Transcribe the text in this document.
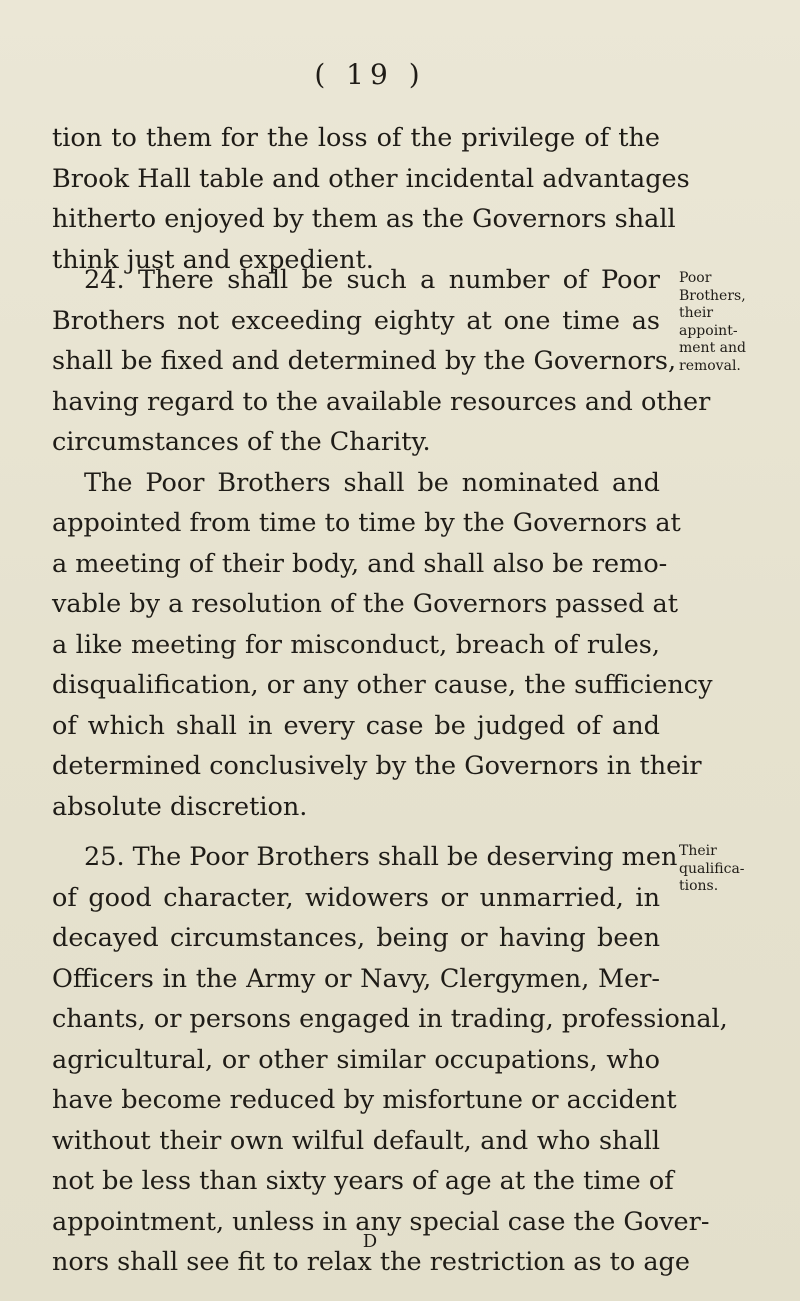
( 19 )
tion to them for the loss of the privilege of the
Brook Hall table and other incidental advantages
hitherto enjoyed by them as the Governors shall
think just and expedient.
24. There shall be such a number of Poor
Brothers not exceeding eighty at one time as
shall be fixed and determined by the Governors,
having regard to the available resources and other
circumstances of the Charity.
The Poor Brothers shall be nominated and
appointed from time to time by the Governors at
a meeting of their body, and shall also be remo-
vable by a resolution of the Governors passed at
a like meeting for misconduct, breach of rules,
disqualification, or any other cause, the sufficiency
of which shall in every case be judged of and
determined conclusively by the Governors in their
absolute discretion.
25. The Poor Brothers shall be deserving men
of good character, widowers or unmarried, in
decayed circumstances, being or having been
Officers in the Army or Navy, Clergymen, Mer-
chants, or persons engaged in trading, professional,
agricultural, or other similar occupations, who
have become reduced by misfortune or accident
without their own wilful default, and who shall
not be less than sixty years of age at the time of
appointment, unless in any special case the Gover-
nors shall see fit to relax the restriction as to age
Poor
Brothers,
their
appoint-
ment and
removal.
Their
qualifica-
tions.
D
